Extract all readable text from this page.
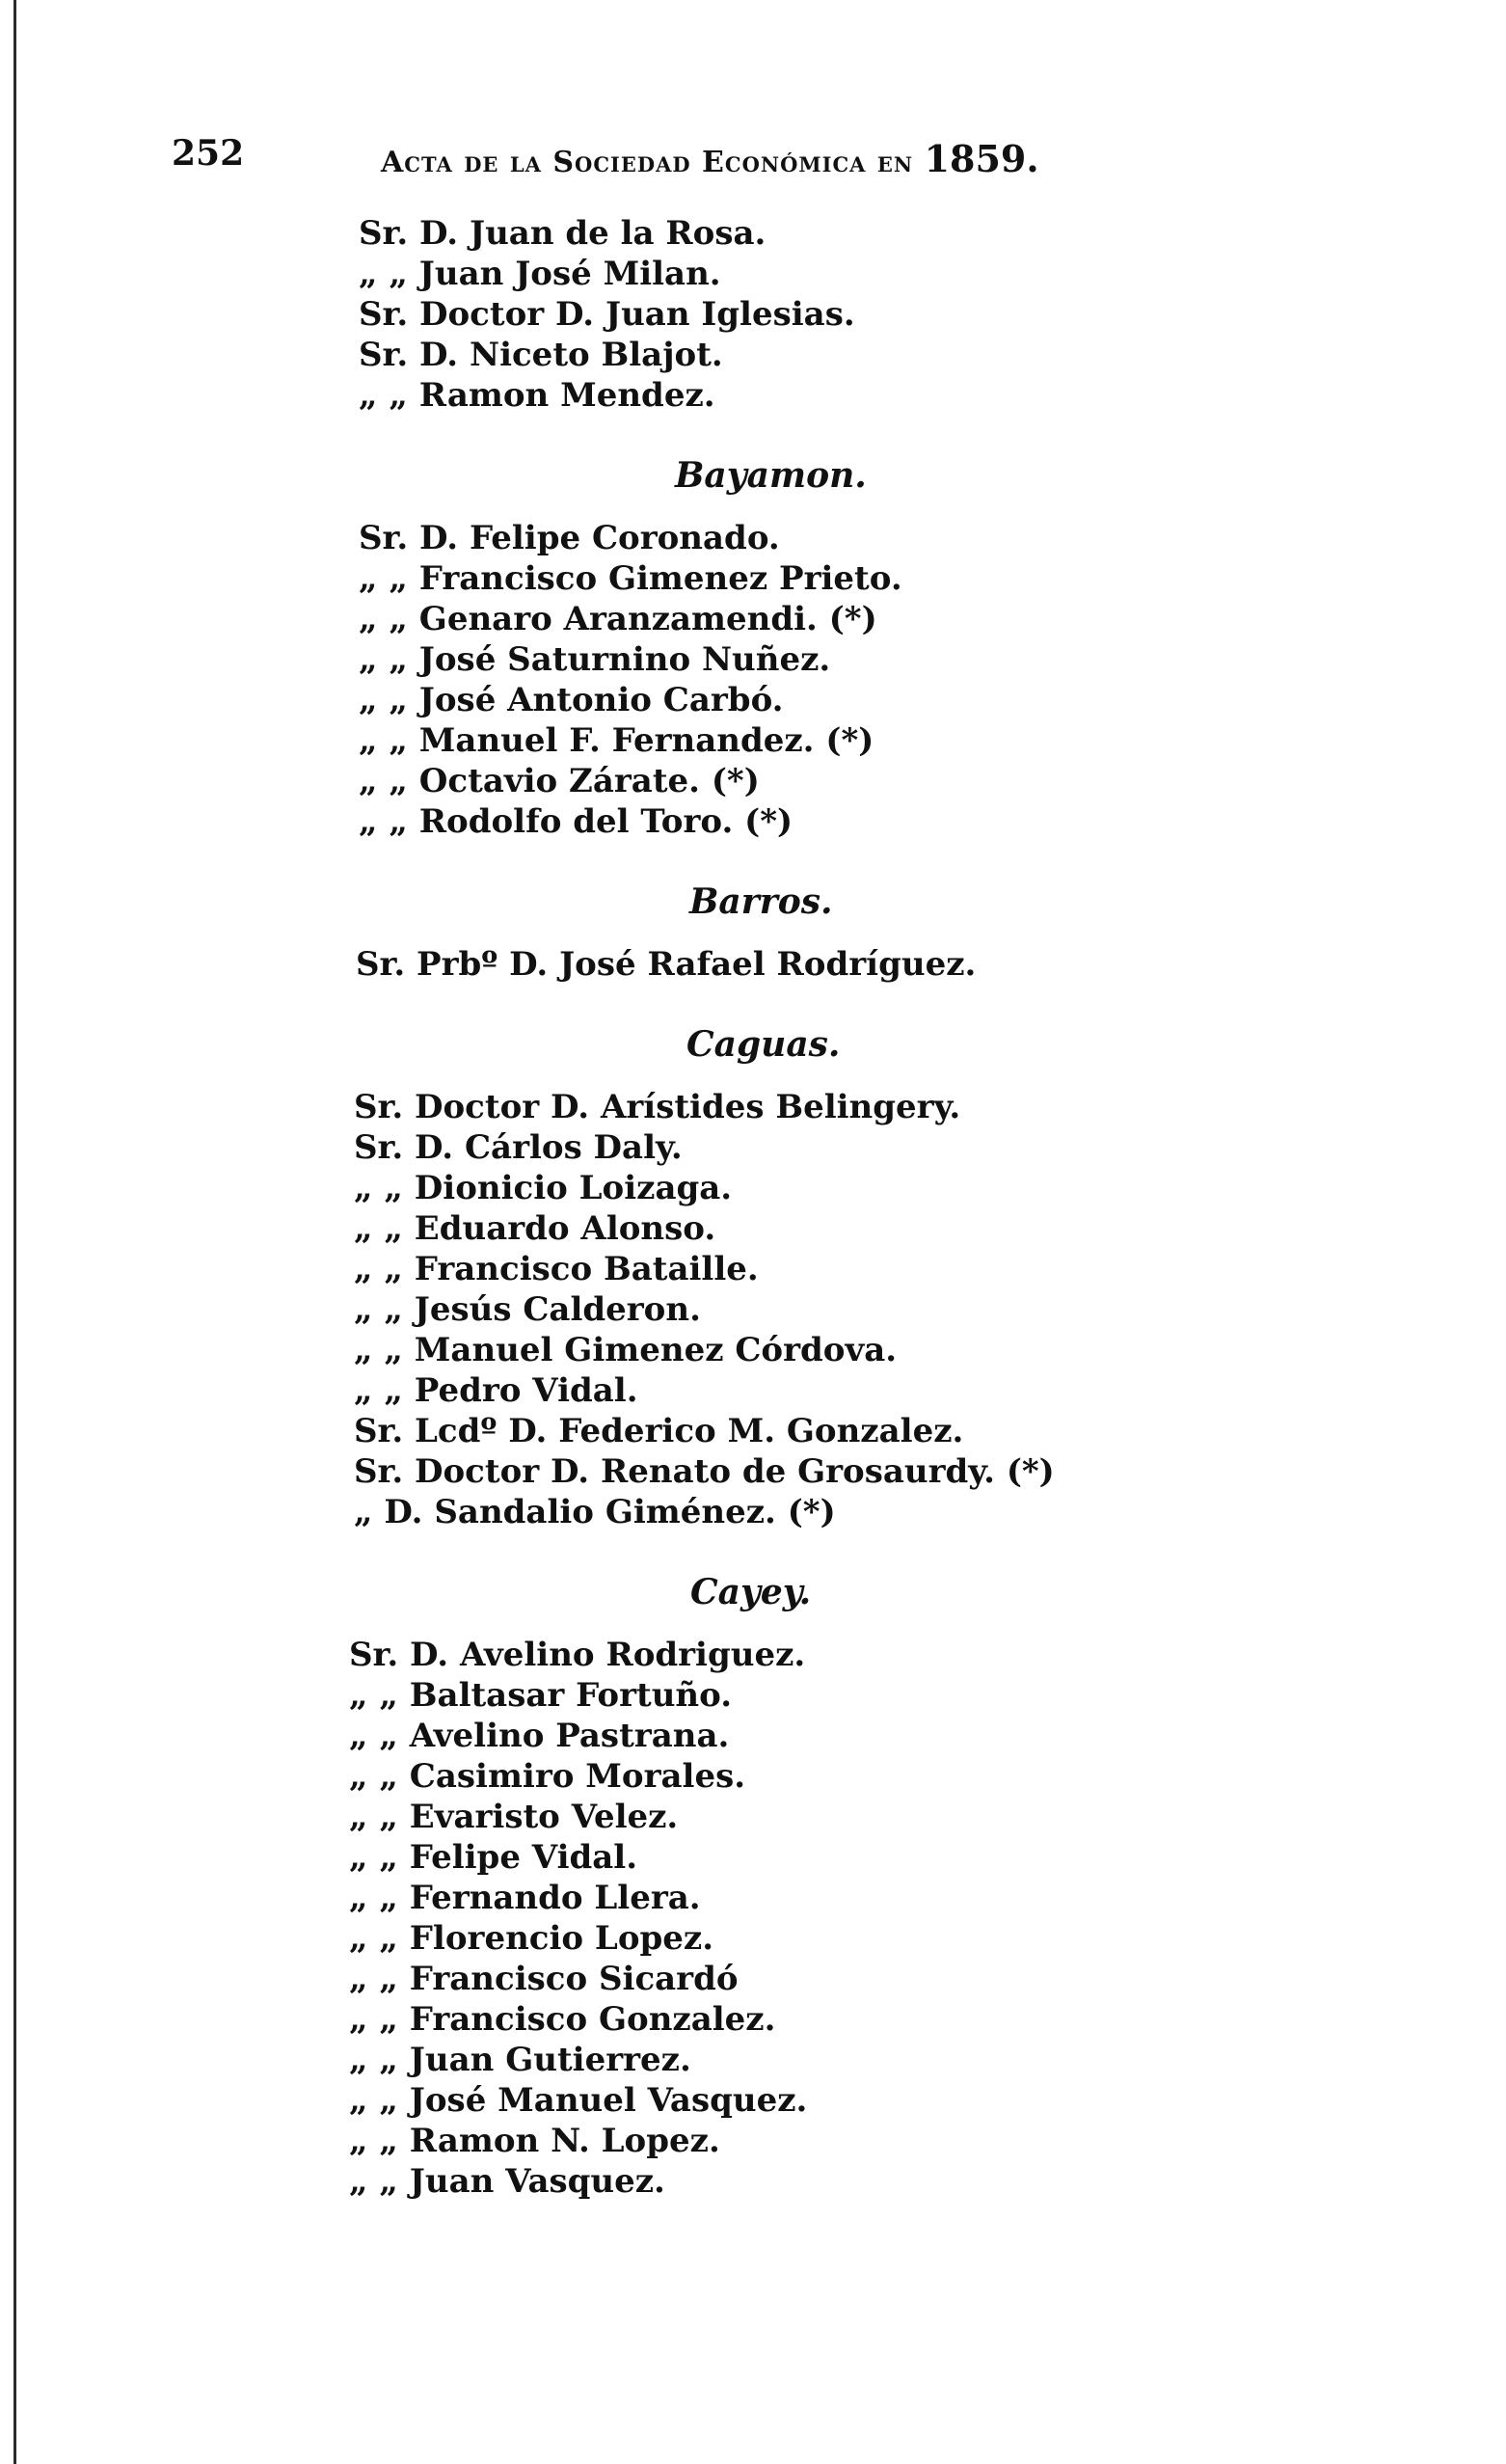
252	Acta de la Sociedad Económica en 1859.
Sr. D. Juan de la Rosa.
„ „ Juan José Milan.
Sr. Doctor D. Juan Iglesias.
Sr. D. Niceto Blajot.
„ „ Ramon Mendez.
Bayamon.
Sr. D. Felipe Coronado.
„ „ Francisco Gimenez Prieto.
„ „ Genaro Aranzamendi. (*)
„ „ José Saturnino Nuñez.
„ „ José Antonio Carbó.
„ „ Manuel F. Fernandez. (*)
„ „ Octavio Zárate. (*)
„ „ Rodolfo del Toro. (*)
Barros.
Sr. Prbº D. José Rafael Rodríguez.
Caguas.
Sr. Doctor D. Arístides Belingery.
Sr. D. Cárlos Daly.
„ „ Dionicio Loizaga.
„ „ Eduardo Alonso.
„ „ Francisco Bataille.
„ „ Jesús Calderon.
„ „ Manuel Gimenez Córdova.
„ „ Pedro Vidal.
Sr. Lcdº D. Federico M. Gonzalez.
Sr. Doctor D. Renato de Grosaurdy. (*)
„ D. Sandalio Giménez. (*)
Cayey.
Sr. D. Avelino Rodriguez.
„ „ Baltasar Fortuño.
„ „ Avelino Pastrana.
„ „ Casimiro Morales.
„ „ Evaristo Velez.
„ „ Felipe Vidal.
„ „ Fernando Llera.
„ „ Florencio Lopez.
„ „ Francisco Sicardó
„ „ Francisco Gonzalez.
„ „ Juan Gutierrez.
„ „ José Manuel Vasquez.
„ „ Ramon N. Lopez.
„ „ Juan Vasquez.
